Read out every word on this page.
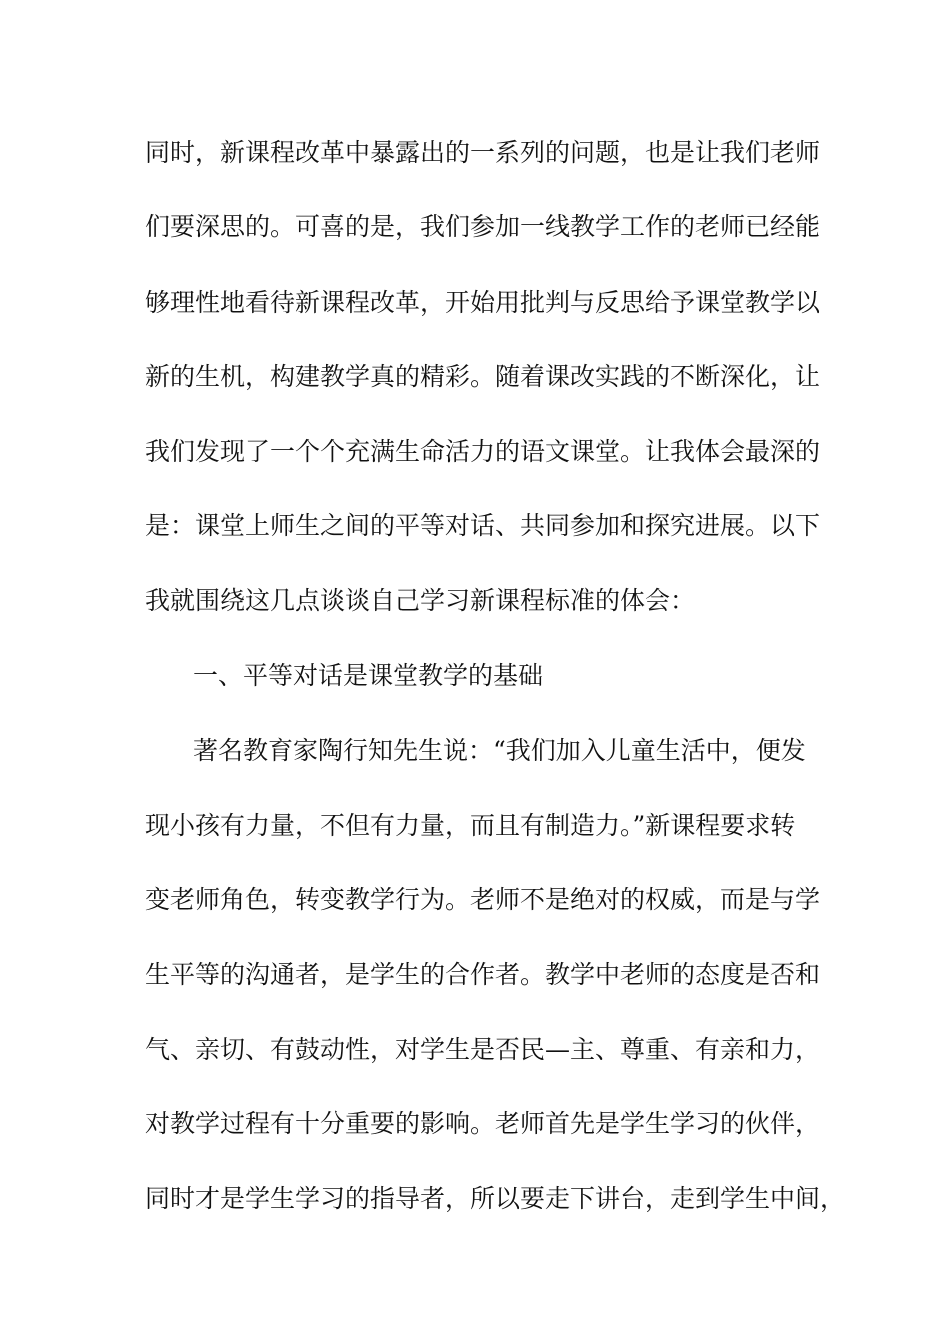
同时，新课程改革中暴露出的一系列的问题，也是让我们老师
们要深思的。可喜的是，我们参加一线教学工作的老师已经能
够理性地看待新课程改革，开始用批判与反思给予课堂教学以
新的生机，构建教学真的精彩。随着课改实践的不断深化，让
我们发现了一个个充满生命活力的语文课堂。让我体会最深的
是：课堂上师生之间的平等对话、共同参加和探究进展。以下
我就围绕这几点谈谈自己学习新课程标准的体会：
一、平等对话是课堂教学的基础
著名教育家陶行知先生说：“我们加入儿童生活中，便发
现小孩有力量，不但有力量，而且有制造力。”新课程要求转
变老师角色，转变教学行为。老师不是绝对的权威，而是与学
生平等的沟通者，是学生的合作者。教学中老师的态度是否和
气、亲切、有鼓动性，对学生是否民—主、尊重、有亲和力，
对教学过程有十分重要的影响。老师首先是学生学习的伙伴，
同时才是学生学习的指导者，所以要走下讲台，走到学生中间，
